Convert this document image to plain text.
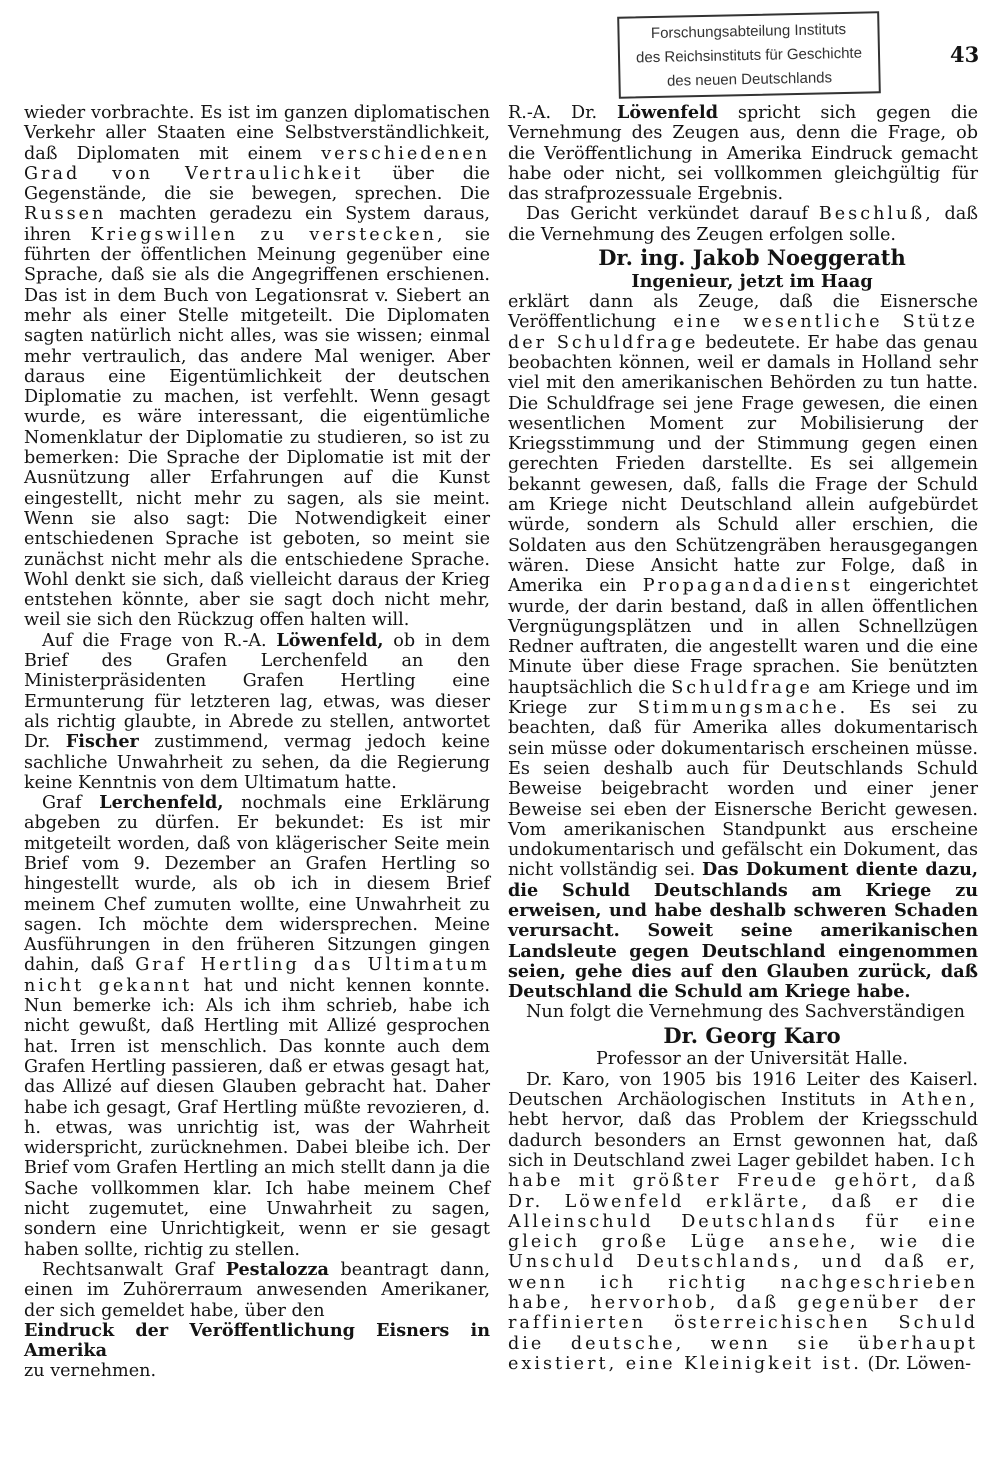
Forschungsabteilung Instituts
des Reichsinstituts für Geschichte
des neuen Deutschlands
43

wieder vorbrachte. Es ist im ganzen diplomatischen Verkehr aller Staaten eine Selbstverständlichkeit, daß Diplomaten mit einem verschiedenen Grad von Vertraulichkeit über die Gegenstände, die sie bewegen, sprechen. Die Russen machten geradezu ein System daraus, ihren Kriegswillen zu verstecken, sie führten der öffentlichen Meinung gegenüber eine Sprache, daß sie als die Angegriffenen erschienen. Das ist in dem Buch von Legationsrat v. Siebert an mehr als einer Stelle mitgeteilt. Die Diplomaten sagten natürlich nicht alles, was sie wissen; einmal mehr vertraulich, das andere Mal weniger. Aber daraus eine Eigentümlichkeit der deutschen Diplomatie zu machen, ist verfehlt. Wenn gesagt wurde, es wäre interessant, die eigentümliche Nomenklatur der Diplomatie zu studieren, so ist zu bemerken: Die Sprache der Diplomatie ist mit der Ausnützung aller Erfahrungen auf die Kunst eingestellt, nicht mehr zu sagen, als sie meint. Wenn sie also sagt: Die Notwendigkeit einer entschiedenen Sprache ist geboten, so meint sie zunächst nicht mehr als die entschiedene Sprache. Wohl denkt sie sich, daß vielleicht daraus der Krieg entstehen könnte, aber sie sagt doch nicht mehr, weil sie sich den Rückzug offen halten will.

Auf die Frage von R.-A. Löwenfeld, ob in dem Brief des Grafen Lerchenfeld an den Ministerpräsidenten Grafen Hertling eine Ermunterung für letzteren lag, etwas, was dieser als richtig glaubte, in Abrede zu stellen, antwortet Dr. Fischer zustimmend, vermag jedoch keine sachliche Unwahrheit zu sehen, da die Regierung keine Kenntnis von dem Ultimatum hatte.

Graf Lerchenfeld, nochmals eine Erklärung abgeben zu dürfen. Er bekundet: Es ist mir mitgeteilt worden, daß von klägerischer Seite mein Brief vom 9. Dezember an Grafen Hertling so hingestellt wurde, als ob ich in diesem Brief meinem Chef zumuten wollte, eine Unwahrheit zu sagen. Ich möchte dem widersprechen. Meine Ausführungen in den früheren Sitzungen gingen dahin, daß Graf Hertling das Ultimatum nicht gekannt hat und nicht kennen konnte. Nun bemerke ich: Als ich ihm schrieb, habe ich nicht gewußt, daß Hertling mit Allizé gesprochen hat. Irren ist menschlich. Das konnte auch dem Grafen Hertling passieren, daß er etwas gesagt hat, das Allizé auf diesen Glauben gebracht hat. Daher habe ich gesagt, Graf Hertling müßte revozieren, d. h. etwas, was unrichtig ist, was der Wahrheit widerspricht, zurücknehmen. Dabei bleibe ich. Der Brief vom Grafen Hertling an mich stellt dann ja die Sache vollkommen klar. Ich habe meinem Chef nicht zugemutet, eine Unwahrheit zu sagen, sondern eine Unrichtigkeit, wenn er sie gesagt haben sollte, richtig zu stellen.

Rechtsanwalt Graf Pestalozza beantragt dann, einen im Zuhörerraum anwesenden Amerikaner, der sich gemeldet habe, über den

Eindruck der Veröffentlichung Eisners in Amerika

zu vernehmen.

R.-A. Dr. Löwenfeld spricht sich gegen die Vernehmung des Zeugen aus, denn die Frage, ob die Veröffentlichung in Amerika Eindruck gemacht habe oder nicht, sei vollkommen gleichgültig für das strafprozessuale Ergebnis.

Das Gericht verkündet darauf Beschluß, daß die Vernehmung des Zeugen erfolgen solle.

Dr. ing. Jakob Noeggerath

Ingenieur, jetzt im Haag

erklärt dann als Zeuge, daß die Eisnersche Veröffentlichung eine wesentliche Stütze der Schuldfrage bedeutete. Er habe das genau beobachten können, weil er damals in Holland sehr viel mit den amerikanischen Behörden zu tun hatte. Die Schuldfrage sei jene Frage gewesen, die einen wesentlichen Moment zur Mobilisierung der Kriegsstimmung und der Stimmung gegen einen gerechten Frieden darstellte. Es sei allgemein bekannt gewesen, daß, falls die Frage der Schuld am Kriege nicht Deutschland allein aufgebürdet würde, sondern als Schuld aller erschien, die Soldaten aus den Schützengräben herausgegangen wären. Diese Ansicht hatte zur Folge, daß in Amerika ein Propagandadienst eingerichtet wurde, der darin bestand, daß in allen öffentlichen Vergnügungsplätzen und in allen Schnellzügen Redner auftraten, die angestellt waren und die eine Minute über diese Frage sprachen. Sie benützten hauptsächlich die Schuldfrage am Kriege und im Kriege zur Stimmungsmache. Es sei zu beachten, daß für Amerika alles dokumentarisch sein müsse oder dokumentarisch erscheinen müsse. Es seien deshalb auch für Deutschlands Schuld Beweise beigebracht worden und einer jener Beweise sei eben der Eisnersche Bericht gewesen. Vom amerikanischen Standpunkt aus erscheine undokumentarisch und gefälscht ein Dokument, das nicht vollständig sei. Das Dokument diente dazu, die Schuld Deutschlands am Kriege zu erweisen, und habe deshalb schweren Schaden verursacht. Soweit seine amerikanischen Landsleute gegen Deutschland eingenommen seien, gehe dies auf den Glauben zurück, daß Deutschland die Schuld am Kriege habe.

Nun folgt die Vernehmung des Sachverständigen

Dr. Georg Karo

Professor an der Universität Halle.

Dr. Karo, von 1905 bis 1916 Leiter des Kaiserl. Deutschen Archäologischen Instituts in Athen, hebt hervor, daß das Problem der Kriegsschuld dadurch besonders an Ernst gewonnen hat, daß sich in Deutschland zwei Lager gebildet haben. Ich habe mit größter Freude gehört, daß Dr. Löwenfeld erklärte, daß er die Alleinschuld Deutschlands für eine gleich große Lüge ansehe, wie die Unschuld Deutschlands, und daß er, wenn ich richtig nachgeschrieben habe, hervorhob, daß gegenüber der raffinierten österreichischen Schuld die deutsche, wenn sie überhaupt existiert, eine Kleinigkeit ist. (Dr. Löwen-
